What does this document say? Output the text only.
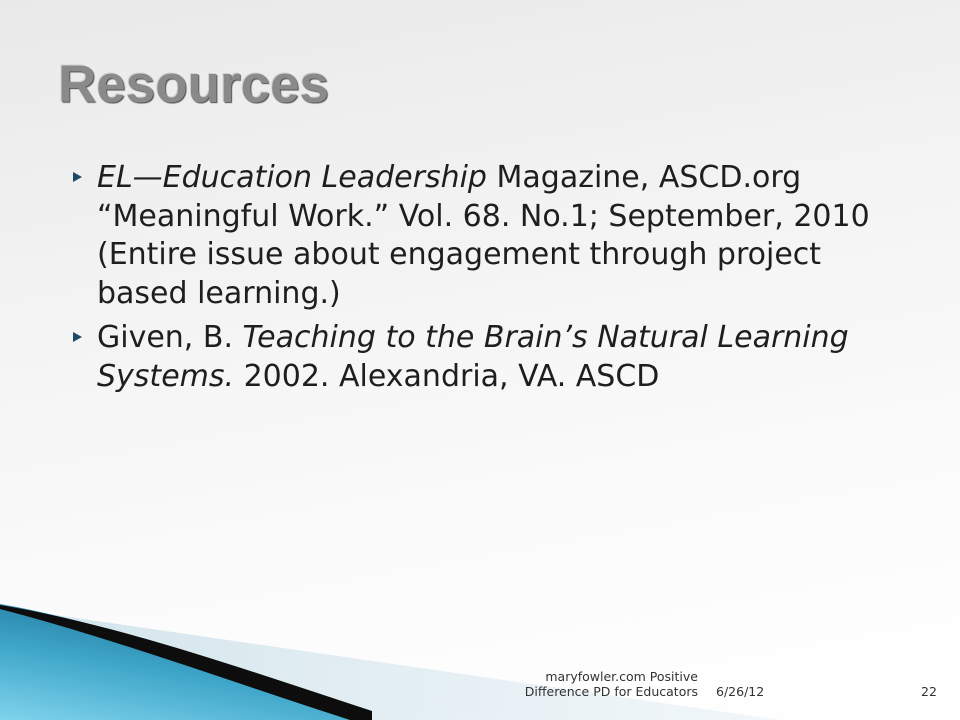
Resources
EL—Education Leadership Magazine, ASCD.org
“Meaningful Work.” Vol. 68. No.1; September, 2010
(Entire issue about engagement through project
based learning.)
Given, B. Teaching to the Brain’s Natural Learning
Systems. 2002. Alexandria, VA. ASCD
maryfowler.com Positive
Difference PD for Educators 6/26/12	22
